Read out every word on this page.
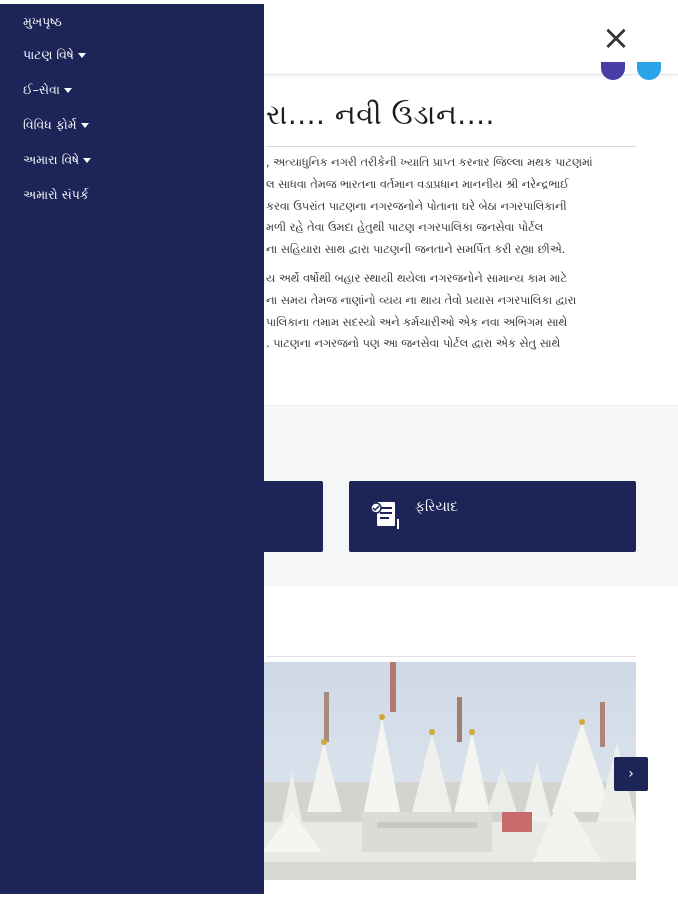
×
રા.... નવી ઉડાન....

, અત્યાધુનિક નગરી તરીકેની ખ્યાતિ પ્રાપ્ત કરનાર જિલ્લા મથક પાટણમાં

લ સાધવા તેમજ ભારતના વર્તમાન વડાપ્રધાન માનનીય શ્રી નરેન્દ્રભાઈ

કરવા ઉપરાંત પાટણના નગરજનોને પોતાના ઘરે બેઠા નગરપાલિકાની

મળી રહે તેવા ઉમદા હેતુથી પાટણ નગરપાલિકા જનસેવા પોર્ટલ

ના સહિયારા સાથ દ્વારા પાટણની જનતાને સમર્પિત કરી રહ્યા છીએ.

ય અર્થે વર્ષોથી બહાર સ્થાયી થયેલા નગરજનોને સામાન્ય કામ માટે

ના સમય તેમજ નાણાંનો વ્યય ના થાય તેવો પ્રયાસ નગરપાલિકા દ્વારા

પાલિકાના તમામ સદસ્યો અને કર્મચારીઓ એક નવા અભિગમ સાથે

. પાટણના નગરજનો પણ આ જનસેવા પોર્ટલ દ્વારા એક સેતુ સાથે

ફરિયાદ
›
મુખપૃષ્ઠ
પાટણ વિષે
ઈ–સેવા
વિવિધ ફોર્મ
અમારા વિષે
અમારો સંપર્ક
